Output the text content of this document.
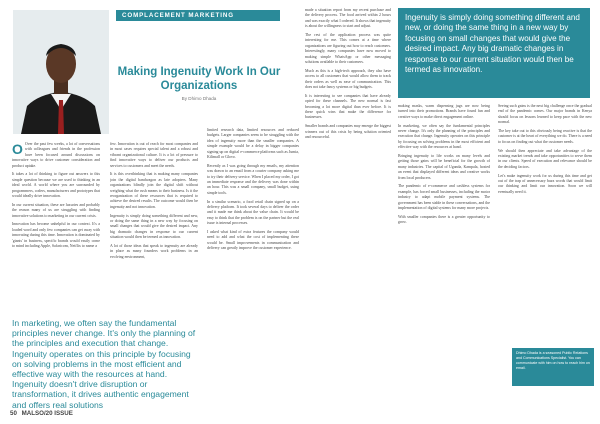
COMPLACEMENT MARKETING
Making Ingenuity Work In Our Organizations
By Dhimo Dhada

O Over the past few weeks, a lot of conversations with colleagues and friends in the profession have been focused around discussions on innovative ways to drive customer consideration and product uptake.

It takes a lot of thinking to figure out answers to this simple question because we are used to thinking in an ideal world. A world where you are surrounded by programmers, coders, manufacturers and prototypes that would ideally drive innovation.

In our current situation, these are luxuries and probably the reason many of us are struggling with finding innovative solutions to marketing in our current crisis.

Innovation has become unhelpful in our context. It's a loaded word and only few companies can get away with innovating during this time. Innovation is dominated by 'giants' in business, specific brands would easily come to mind including Apple, Safaricom, Netflix to name a

few. Innovation is out of reach for most companies and in most cases requires special talent and a robust and vibrant organizational culture. It is a lot of pressure to find innovative ways to deliver our products and services to customers and meet the needs.

It is this overthinking that is making many companies join the digital bandwagon as late adopters. Many organizations blindly join the digital shift without weighing what the rush means to their business. Is it the reorganization of these resources that is required to achieve the desired results. The outcome would then be ingenuity and not innovation.

Ingenuity is simply doing something different and new, or doing the same thing in a new way by focusing on small changes that would give the desired impact. Any big dramatic changes in response to our current situation would then be termed as innovation.

A lot of those ideas that speak to ingenuity are already in place as many founders work problems in an evolving environment,

In marketing, we often say the fundamental principles never change. It's only the planning of the principles and execution that change. Ingenuity operates on this principle by focusing on solving problems in the most efficient and effective way with the resources at hand. Ingenuity doesn't drive disruption or transformation, it drives authentic engagement and offers real solutions

limited research data, limited resources and reduced budgets. Larger companies seem to be struggling with the idea of ingenuity more than the smaller companies. A simple example would be a delay in bigger companies signing up on digital e-commerce platforms such as Jumia, Kilimall or Glovo.

Recently as I was going through my emails, my attention was drawn to an email from a courier company asking me to try their delivery service. When I placed my order, I got an immediate response and the delivery was done within an hour. This was a small company, small budget, using simple tools.

In a similar scenario, a food retail chain signed up on a delivery platform. It took several days to deliver the order and it made me think about the value chain. It would be easy to think that the problem is on the partner but the real issue is internal processes.

I asked what kind of extra features the company would need to add and what the cost of implementing these would be. Small improvements in communication and delivery can greatly improve the customer experience.

made a situation report from my recent purchase and the delivery process. The food arrived within 2 hours and was exactly what I ordered. It shows that ingenuity is about the willingness to start and adjust.

The rest of the application process was quite interesting for me. This comes at a time where organizations are figuring out how to reach customers. Interestingly, many companies have now moved to making simple WhatsApp or other messaging solutions available to their customers.

Much as this is a high-tech approach, they also have access to all customers that would allow them to track their orders as well as ease of communication. This does not take fancy systems or big budgets.

It is interesting to see companies that have already opted for these channels. The new normal is fast becoming a lot more digital than ever before. It is these quick wins that make the difference for businesses.

Smaller brands and companies may emerge the biggest winners out of this crisis by being solution oriented and resourceful.

Ingenuity is simply doing something different and new, or doing the same thing in a new way by focusing on small changes that would give the desired impact. Any big dramatic changes in response to our current situation would then be termed as innovation.

making masks, warm dispensing jugs are now being turned into their promotions. Brands have found fun and creative ways to make direct engagement online.

In marketing, we often say the fundamental principles never change. It's only the planning of the principles and execution that change. Ingenuity operates on this principle by focusing on solving problems in the most efficient and effective way with the resources at hand.

Bringing ingenuity to life works on many levels and getting those gains will be beneficial for the growth of many industries. The capital of Uganda, Kampala, hosted an event that displayed different ideas and creative works from local producers.

The pandemic of e-commerce and cashless systems for example, has forced small businesses, including the motor industry to adapt mobile payment systems. The government has been stable in these conversations, and the implementation of digital systems for many more projects.

With smaller companies there is a greater opportunity to grow.

Seeing such gains is the next big challenge once the gradual end of the pandemic comes. Our major brands in Kenya should focus on lessons learned to keep pace with the new normal.

The key take out to this obviously being reactive is that the customer is at the heart of everything we do. There is a need to focus on finding out what the customer needs.

We should then appreciate and take advantage of the existing market trends and take opportunities to serve them in our clients. Speed of execution and relevance should be the deciding factors.

Let's make ingenuity work for us during this time and get out of the trap of unnecessary buzz words that would limit our thinking and limit our innovation. Soon we will eventually need it.

Dhimo Dhada is a seasoned Public Relations and Communications Specialist. You can communicate with him on how to reach him on email.
50 MALSO/20 ISSUE
